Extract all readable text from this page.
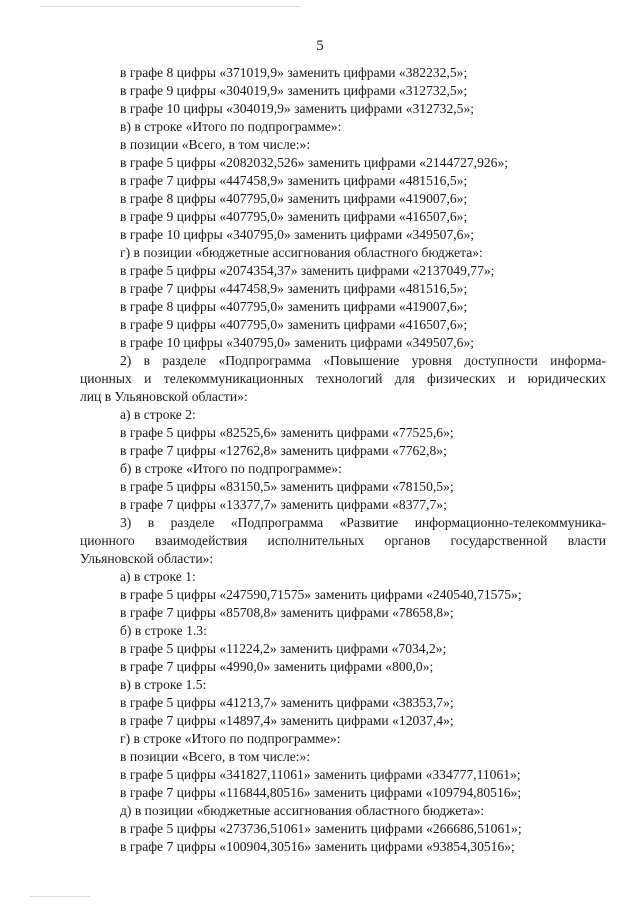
5
в графе 8 цифры «371019,9» заменить цифрами «382232,5»;
в графе 9 цифры «304019,9» заменить цифрами «312732,5»;
в графе 10 цифры «304019,9» заменить цифрами «312732,5»;
в) в строке «Итого по подпрограмме»:
в позиции «Всего, в том числе:»:
в графе 5 цифры «2082032,526» заменить цифрами «2144727,926»;
в графе 7 цифры «447458,9» заменить цифрами «481516,5»;
в графе 8 цифры «407795,0» заменить цифрами «419007,6»;
в графе 9 цифры «407795,0» заменить цифрами «416507,6»;
в графе 10 цифры «340795,0» заменить цифрами «349507,6»;
г) в позиции «бюджетные ассигнования областного бюджета»:
в графе 5 цифры «2074354,37» заменить цифрами «2137049,77»;
в графе 7 цифры «447458,9» заменить цифрами «481516,5»;
в графе 8 цифры «407795,0» заменить цифрами «419007,6»;
в графе 9 цифры «407795,0» заменить цифрами «416507,6»;
в графе 10 цифры «340795,0» заменить цифрами «349507,6»;
2) в разделе «Подпрограмма «Повышение уровня доступности информа-
ционных и телекоммуникационных технологий для физических и юридических
лиц в Ульяновской области»:
а) в строке 2:
в графе 5 цифры «82525,6» заменить цифрами «77525,6»;
в графе 7 цифры «12762,8» заменить цифрами «7762,8»;
б) в строке «Итого по подпрограмме»:
в графе 5 цифры «83150,5» заменить цифрами «78150,5»;
в графе 7 цифры «13377,7» заменить цифрами «8377,7»;
3) в разделе «Подпрограмма «Развитие информационно-телекоммуника-
ционного взаимодействия исполнительных органов государственной власти
Ульяновской области»:
а) в строке 1:
в графе 5 цифры «247590,71575» заменить цифрами «240540,71575»;
в графе 7 цифры «85708,8» заменить цифрами «78658,8»;
б) в строке 1.3:
в графе 5 цифры «11224,2» заменить цифрами «7034,2»;
в графе 7 цифры «4990,0» заменить цифрами «800,0»;
в) в строке 1.5:
в графе 5 цифры «41213,7» заменить цифрами «38353,7»;
в графе 7 цифры «14897,4» заменить цифрами «12037,4»;
г) в строке «Итого по подпрограмме»:
в позиции «Всего, в том числе:»:
в графе 5 цифры «341827,11061» заменить цифрами «334777,11061»;
в графе 7 цифры «116844,80516» заменить цифрами «109794,80516»;
д) в позиции «бюджетные ассигнования областного бюджета»:
в графе 5 цифры «273736,51061» заменить цифрами «266686,51061»;
в графе 7 цифры «100904,30516» заменить цифрами «93854,30516»;
